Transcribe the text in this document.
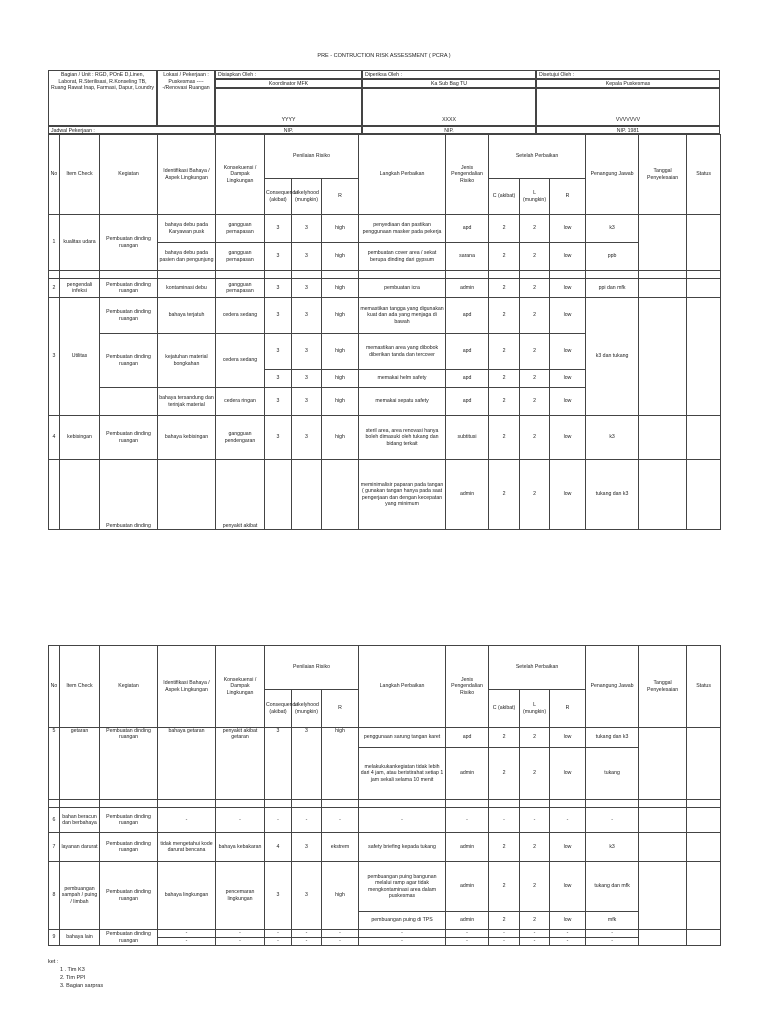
PRE - CONTRUCTION RISK ASSESSMENT ( PCRA )
Bagian / Unit : RGD, POnE D,Linen, Laborat, R.Sterilisasi, R.Konseling TB, Ruang Rawat Inap, Farmasi, Dapur, Loundry
Lokasi / Pekerjaan : Puskesmas -----/Renovasi Ruangan
Disiapkan Oleh :
Koordinator MFK
YYYY
NIP.
Diperiksa Oleh :
Ka Sub Bag TU
XXXX
NIP.
Disetujui Oleh :
Kepala Puskesmas
VVVVVVV
NIP. 1981
Jadwal Pekerjaan :
No	Item Check	Kegiatan	Identifikasi Bahaya / Aspek Lingkungan	Konsekuensi / Dampak Lingkungan	Penilaian Risiko			Langkah Perbaikan	Jenis Pengendalian Risiko	Setelah Perbaikan			Penangung Jawab	Tanggal Penyelesaian	Status
					Consequence (akibat)	Likelyhood (mungkin)	R			C (akibat)	L (mungkin)	R			
1	kualitas udara	Pembuatan dinding ruangan	bahaya debu pada Karyawan pusk	gangguan pernapasan	3	3	high	penyediaan dan pastikan penggunaan masker pada pekerja	apd	2	2	low	k3		
			bahaya debu pada pasien dan pengunjung	gangguan pernapasan	3	3	high	pembuatan cover area / sekat berupa dinding dari gypsum	sarana	2	2	low	ppb		

2	pengendali infeksi	Pembuatan dinding ruangan	kontaminasi debu	gangguan pernapasan	3	3	high	pembuatan icra	admin	2	2	low	ppi dan mfk		
3	Utilitas	Pembuatan dinding ruangan	bahaya terjatuh	cedera sedang	3	3	high	memastikan tangga yang digunakan kuat dan ada yang menjaga di bawah	apd	2	2	low	k3 dan tukang		
		Pembuatan dinding ruangan	kejatuhan material bongkahan	cedera sedang	3	3	high	memastikan area yang dibobok diberikan tanda dan tercover	apd	2	2	low			
					3	3	high	memakai helm safety	apd	2	2	low			
			bahaya tersandung dan terinjak material	cedera ringan	3	3	high	memakai sepatu safety	apd	2	2	low			
4	kebisingan	Pembuatan dinding ruangan	bahaya kebisingan	gangguan pendengaran	3	3	high	steril area, area renovasi hanya boleh dimasuki oleh tukang dan bidang terkait	subtitusi	2	2	low	k3		
		Pembuatan dinding		penyakit akibat				meminimalisir paparan pada tangan ( gunakan tangan hanya pada saat pengerjaan dan dengan kecepatan yang minimum	admin	2	2	low	tukang dan k3		
No	Item Check	Kegiatan	Identifikasi Bahaya / Aspek Lingkungan	Konsekuensi / Dampak Lingkungan	Penilaian Risiko			Langkah Perbaikan	Jenis Pengendalian Risiko	Setelah Perbaikan			Penangung Jawab	Tanggal Penyelesaian	Status
					Consequence (akibat)	Likelyhood (mungkin)	R			C (akibat)	L (mungkin)	R			
5	getaran	Pembuatan dinding ruangan	bahaya getaran	penyakit akibat getaran	3	3	high	penggunaan sarung tangan karet	apd	2	2	low	tukang dan k3		
								melakukukankegiatan tidak lebih dari 4 jam, atau beristirahat setiap 1 jam sekali selama 10 menit	admin	2	2	low	tukang		

6	bahan beracun dan berbahaya	Pembuatan dinding ruangan	-	-	-	-	-	-	-	-	-	-	-		
7	layanan darurat	Pembuatan dinding ruangan	tidak mengetahui kode darurat bencana	bahaya kebakaran	4	3	ekstrem	safety briefing kepada tukang	admin	2	2	low	k3		
8	pembuangan sampah / puing / limbah	Pembuatan dinding ruangan	bahaya lingkungan	pencemaran lingkungan	3	3	high	pembuangan puing bangunan melalui ramp agar tidak mengkontaminasi area dalam puskesmas	admin	2	2	low	tukang dan mfk		
								pembuangan puing di TPS	admin	2	2	low	mfk		
9	bahaya lain	Pembuatan dinding ruangan	-	-	-	-	-	-	-	-	-	-	-		
			-	-	-	-	-	-	-	-	-	-	-		
ket :
1 . Tim K3
2. Tim PPI
3. Bagian sarpras
